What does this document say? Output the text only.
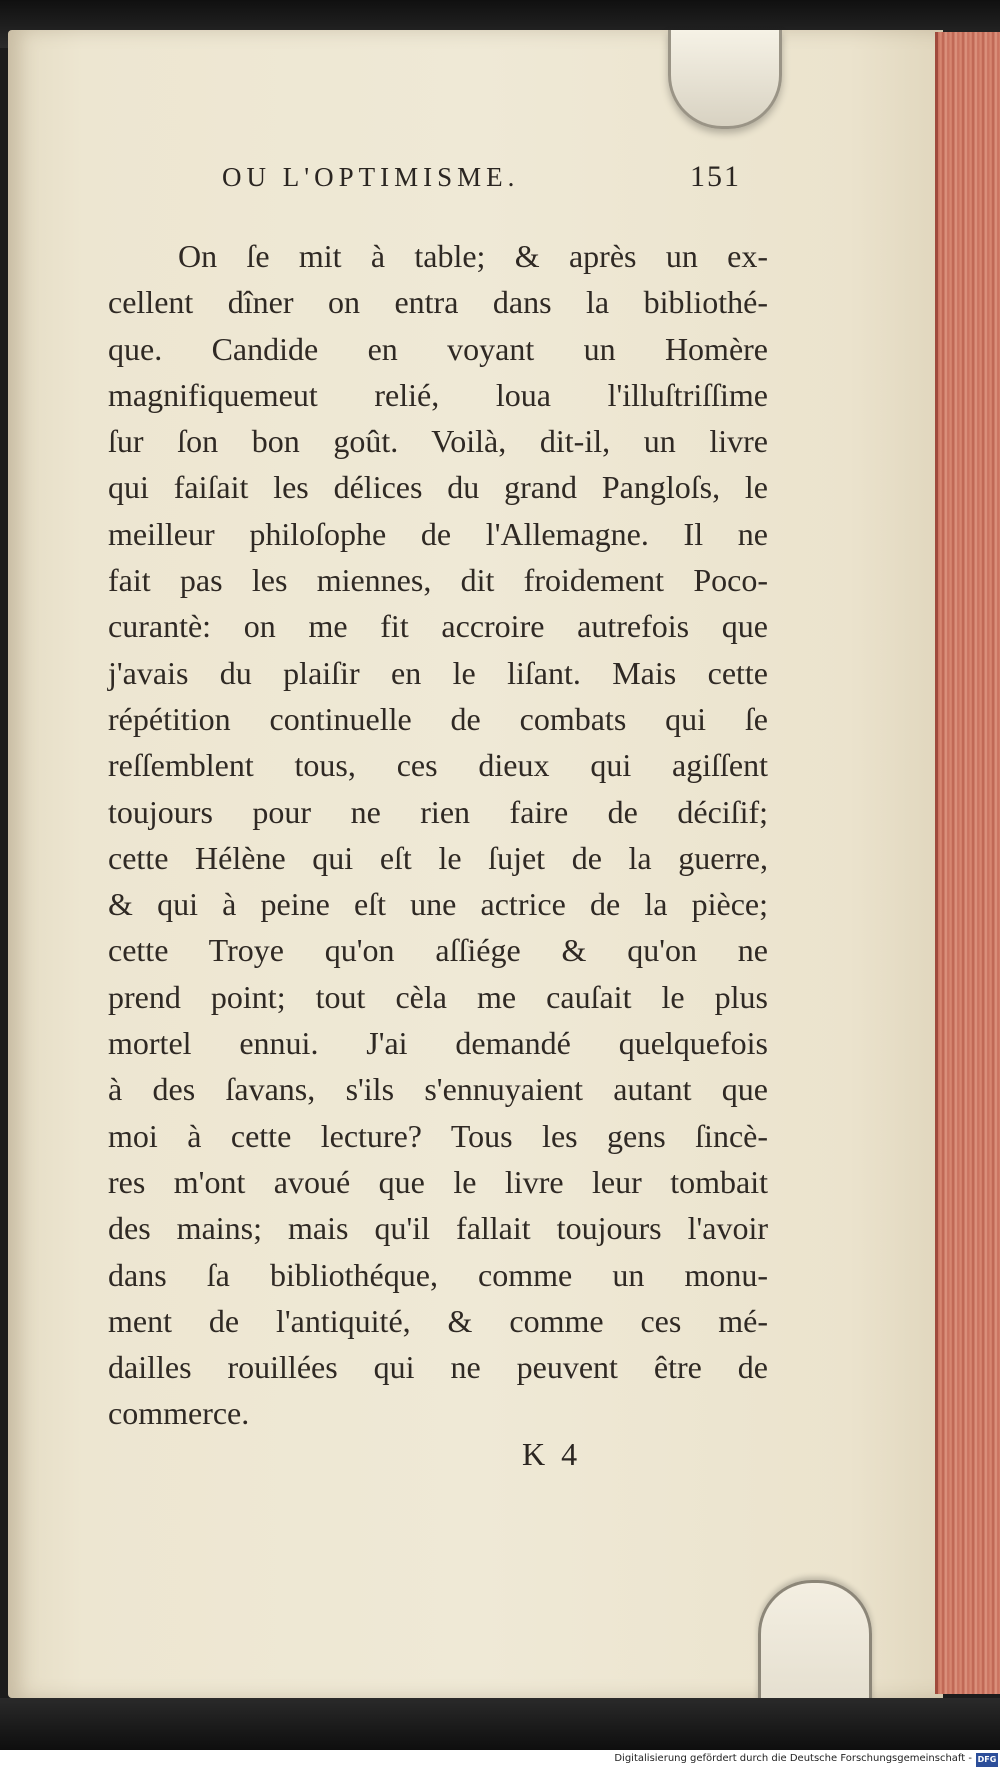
OU L'OPTIMISME.	151
On ſe mit à table; & après un ex-
cellent dîner on entra dans la bibliothé-
que. Candide en voyant un Homère
magnifiquemeut relié, loua l'illuſtriſſime
ſur ſon bon goût. Voilà, dit-il, un livre
qui faiſait les délices du grand Pangloſs, le
meilleur philoſophe de l'Allemagne. Il ne
fait pas les miennes, dit froidement Poco-
curantè: on me fit accroire autrefois que
j'avais du plaiſir en le liſant. Mais cette
répétition continuelle de combats qui ſe
reſſemblent tous, ces dieux qui agiſſent
toujours pour ne rien faire de déciſif;
cette Hélène qui eſt le ſujet de la guerre,
& qui à peine eſt une actrice de la pièce;
cette Troye qu'on aſſiége & qu'on ne
prend point; tout cèla me cauſait le plus
mortel ennui. J'ai demandé quelquefois
à des ſavans, s'ils s'ennuyaient autant que
moi à cette lecture? Tous les gens ſincè-
res m'ont avoué que le livre leur tombait
des mains; mais qu'il fallait toujours l'avoir
dans ſa bibliothéque, comme un monu-
ment de l'antiquité, & comme ces mé-
dailles rouillées qui ne peuvent être de
commerce.
K 4
Digitalisierung gefördert durch die Deutsche Forschungsgemeinschaft - DFG
